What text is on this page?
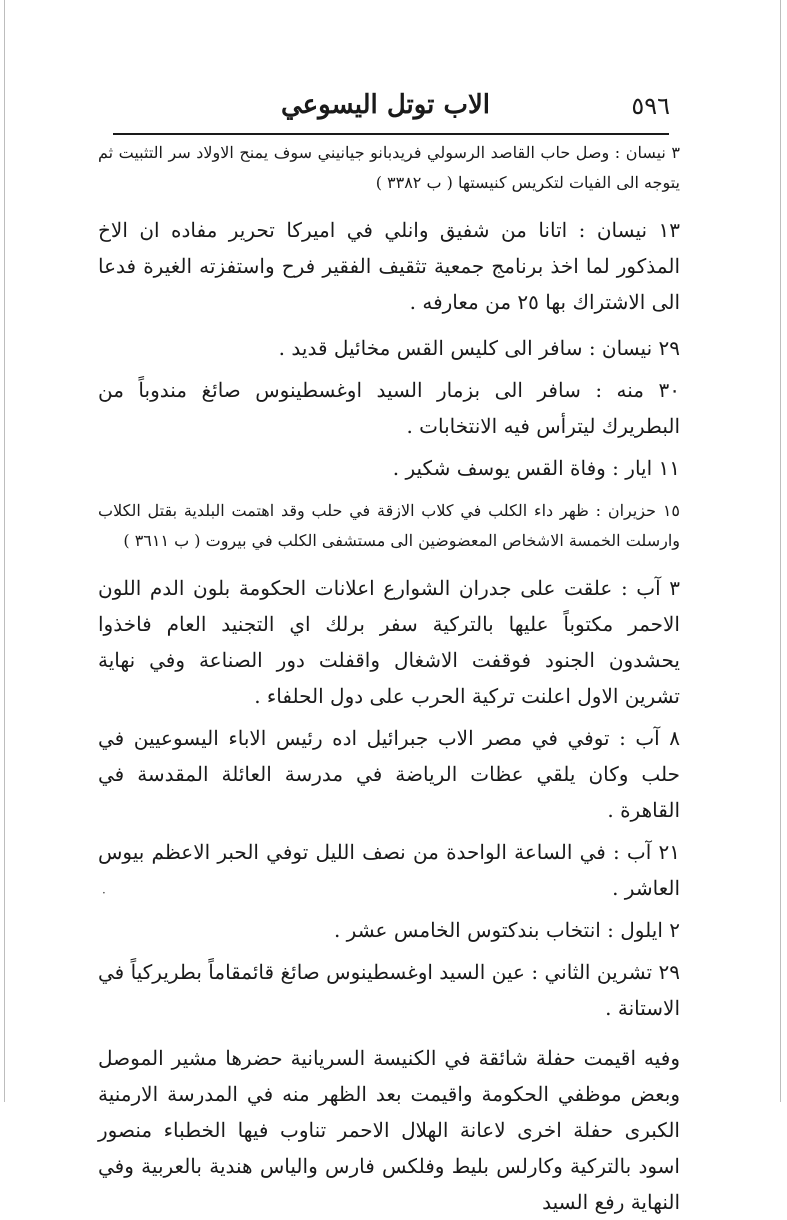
٥٩٦
الاب توتل اليسوعي

٣ نيسان : وصل حاب القاصد الرسولي فريدبانو جيانيني سوف يمنح الاولاد سر التثبيت ثم يتوجه الى الفيات لتكريس كنيستها ( ب ٣٣٨٢ )

١٣ نيسان : اتانا من شفيق وانلي في اميركا تحرير مفاده ان الاخ المذكور لما اخذ برنامج جمعية تثقيف الفقير فرح واستفزته الغيرة فدعا الى الاشتراك بها ٢٥ من معارفه .

٢٩ نيسان : سافر الى كليس القس مخائيل قديد .

٣٠ منه : سافر الى بزمار السيد اوغسطينوس صائغ مندوباً من البطريرك ليترأس فيه الانتخابات .

١١ ايار : وفاة القس يوسف شكير .

١٥ حزيران : ظهر داء الكلب في كلاب الازقة في حلب وقد اهتمت البلدية بقتل الكلاب وارسلت الخمسة الاشخاص المعضوضين الى مستشفى الكلب في بيروت ( ب ٣٦١١ )

٣ آب : علقت على جدران الشوارع اعلانات الحكومة بلون الدم اللون الاحمر مكتوباً عليها بالتركية سفر برلك اي التجنيد العام فاخذوا يحشدون الجنود فوقفت الاشغال واقفلت دور الصناعة وفي نهاية تشرين الاول اعلنت تركية الحرب على دول الحلفاء .

٨ آب : توفي في مصر الاب جبرائيل اده رئيس الاباء اليسوعيين في حلب وكان يلقي عظات الرياضة في مدرسة العائلة المقدسة في القاهرة .

٢١ آب : في الساعة الواحدة من نصف الليل توفي الحبر الاعظم بيوس العاشر .

٢ ايلول : انتخاب بندكتوس الخامس عشر .

٢٩ تشرين الثاني : عين السيد اوغسطينوس صائغ قائمقاماً بطريركياً في الاستانة .

وفيه اقيمت حفلة شائقة في الكنيسة السريانية حضرها مشير الموصل وبعض موظفي الحكومة واقيمت بعد الظهر منه في المدرسة الارمنية الكبرى حفلة اخرى لاعانة الهلال الاحمر تناوب فيها الخطباء منصور اسود بالتركية وكارلس بليط وفلكس فارس والياس هندية بالعربية وفي النهاية رفع السيد

·
